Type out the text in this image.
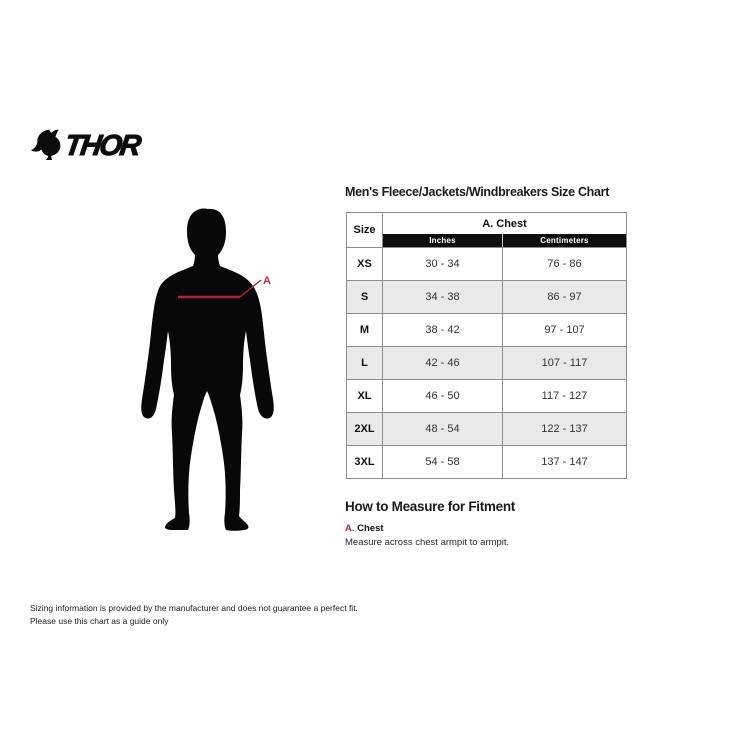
THOR
A
Men's Fleece/Jackets/Windbreakers Size Chart
Size
A. Chest
Inches	Centimeters
XS	30 - 34	76 - 86
S	34 - 38	86 - 97
M	38 - 42	97 - 107
L	42 - 46	107 - 117
XL	46 - 50	117 - 127
2XL	48 - 54	122 - 137
3XL	54 - 58	137 - 147
How to Measure for Fitment
A. Chest
Measure across chest armpit to armpit.
Sizing information is provided by the manufacturer and does not guarantee a perfect fit.
Please use this chart as a guide only
